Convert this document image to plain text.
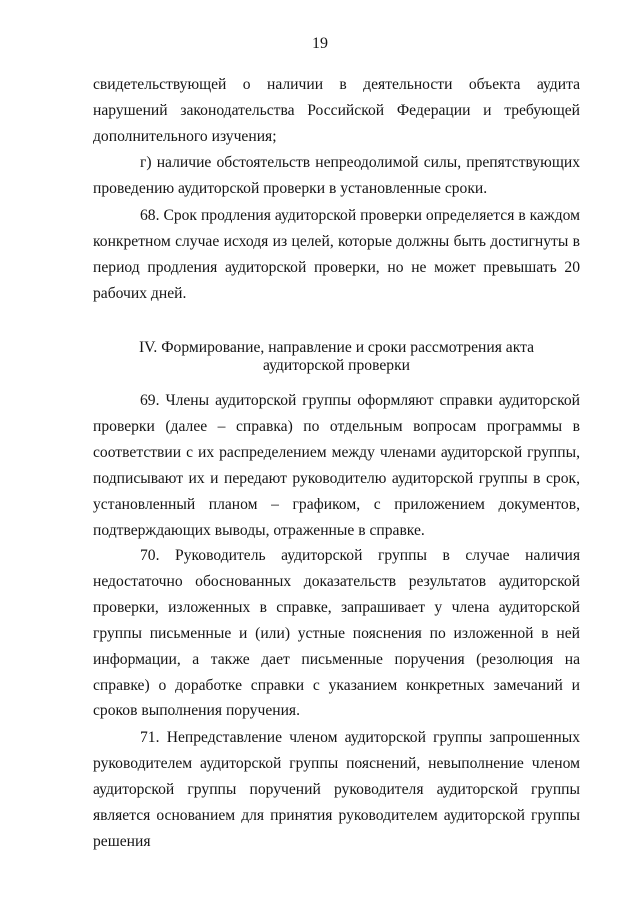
19

свидетельствующей о наличии в деятельности объекта аудита нарушений законодательства Российской Федерации и требующей дополнительного изучения;

г) наличие обстоятельств непреодолимой силы, препятствующих проведению аудиторской проверки в установленные сроки.

68. Срок продления аудиторской проверки определяется в каждом конкретном случае исходя из целей, которые должны быть достигнуты в период продления аудиторской проверки, но не может превышать 20 рабочих дней.

IV. Формирование, направление и сроки рассмотрения акта
аудиторской проверки

69. Члены аудиторской группы оформляют справки аудиторской проверки (далее – справка) по отдельным вопросам программы в соответствии с их распределением между членами аудиторской группы, подписывают их и передают руководителю аудиторской группы в срок, установленный планом – графиком, с приложением документов, подтверждающих выводы, отраженные в справке.

70. Руководитель аудиторской группы в случае наличия недостаточно обоснованных доказательств результатов аудиторской проверки, изложенных в справке, запрашивает у члена аудиторской группы письменные и (или) устные пояснения по изложенной в ней информации, а также дает письменные поручения (резолюция на справке) о доработке справки с указанием конкретных замечаний и сроков выполнения поручения.

71. Непредставление членом аудиторской группы запрошенных руководителем аудиторской группы пояснений, невыполнение членом аудиторской группы поручений руководителя аудиторской группы является основанием для принятия руководителем аудиторской группы решения
